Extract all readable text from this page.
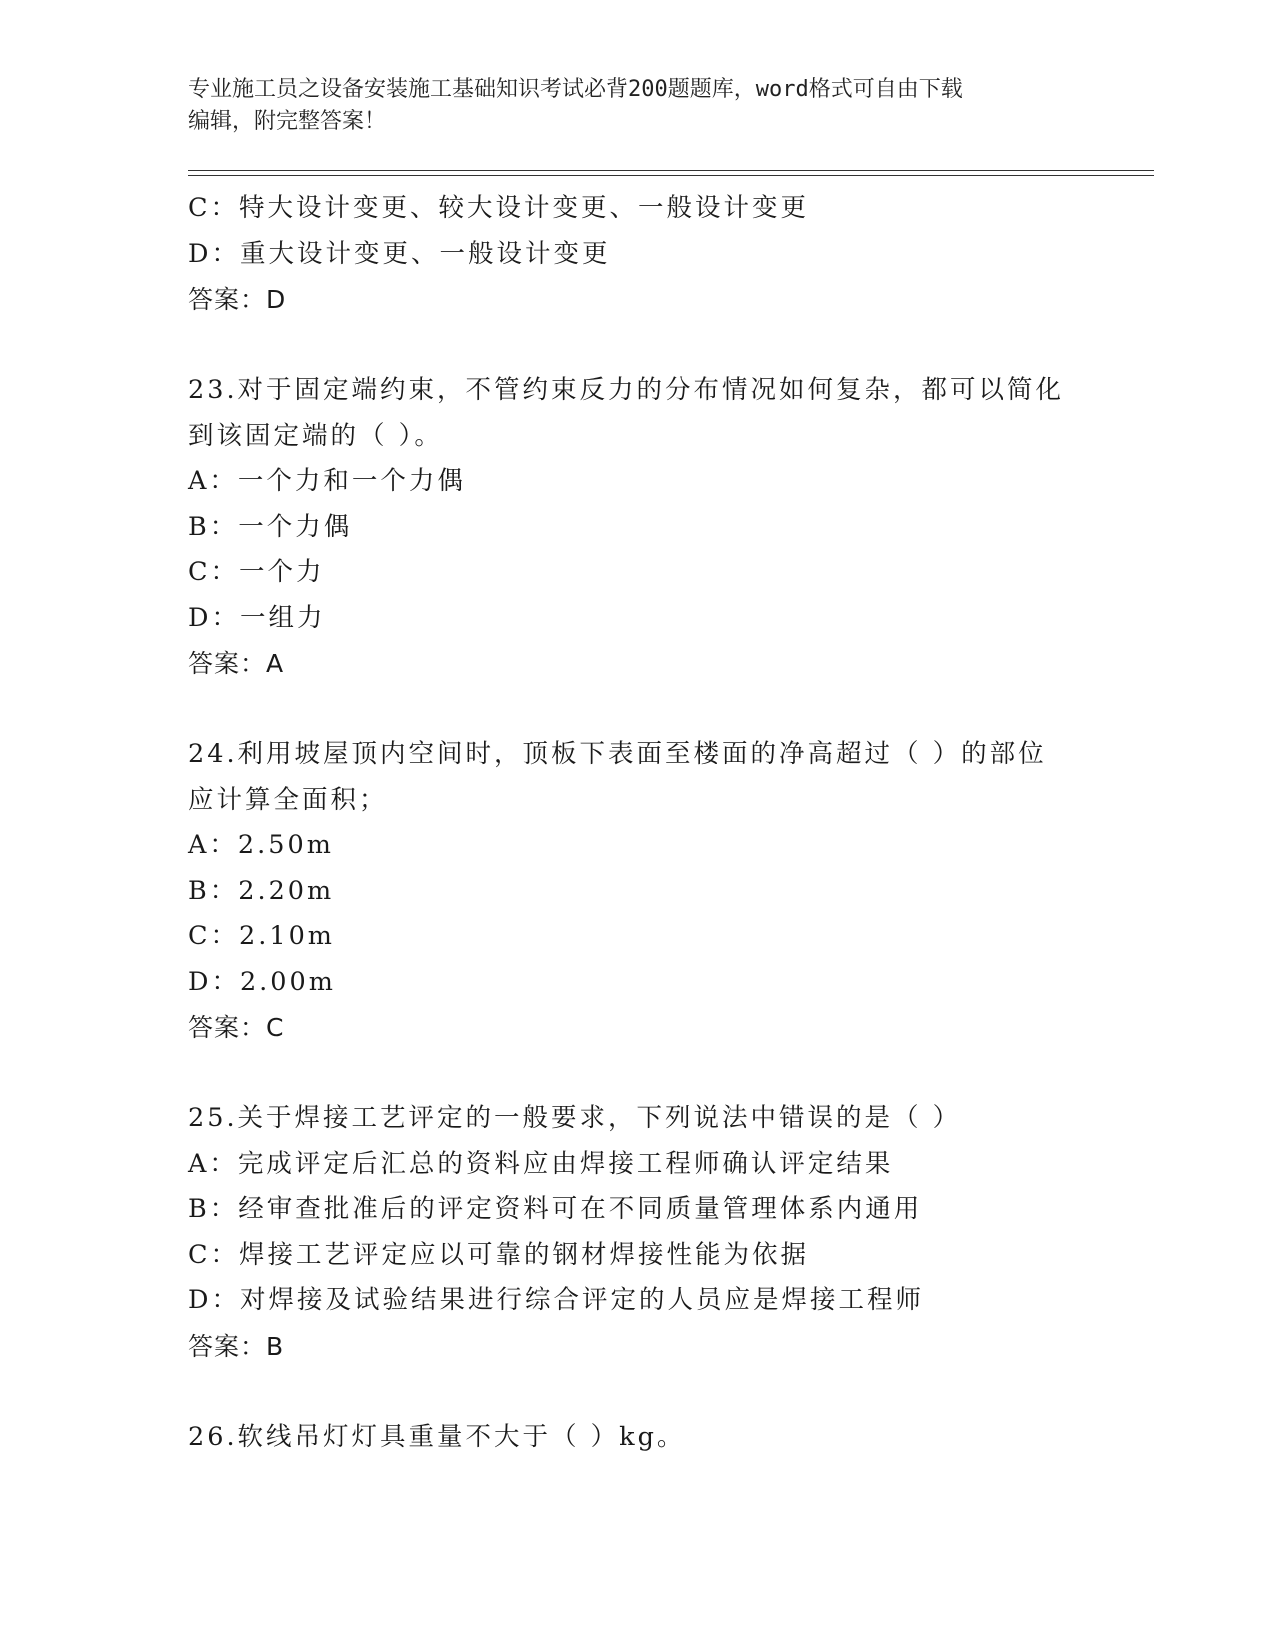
专业施工员之设备安装施工基础知识考试必背200题题库，word格式可自由下载
编辑，附完整答案！
C：特大设计变更、较大设计变更、一般设计变更
D：重大设计变更、一般设计变更
答案：D
23.对于固定端约束，不管约束反力的分布情况如何复杂，都可以简化
到该固定端的（ ）。
A：一个力和一个力偶
B：一个力偶
C：一个力
D：一组力
答案：A
24.利用坡屋顶内空间时，顶板下表面至楼面的净高超过（ ）的部位
应计算全面积；
A：2.50m
B：2.20m
C：2.10m
D：2.00m
答案：C
25.关于焊接工艺评定的一般要求，下列说法中错误的是（ ）
A：完成评定后汇总的资料应由焊接工程师确认评定结果
B：经审查批准后的评定资料可在不同质量管理体系内通用
C：焊接工艺评定应以可靠的钢材焊接性能为依据
D：对焊接及试验结果进行综合评定的人员应是焊接工程师
答案：B
26.软线吊灯灯具重量不大于（ ）kg。
